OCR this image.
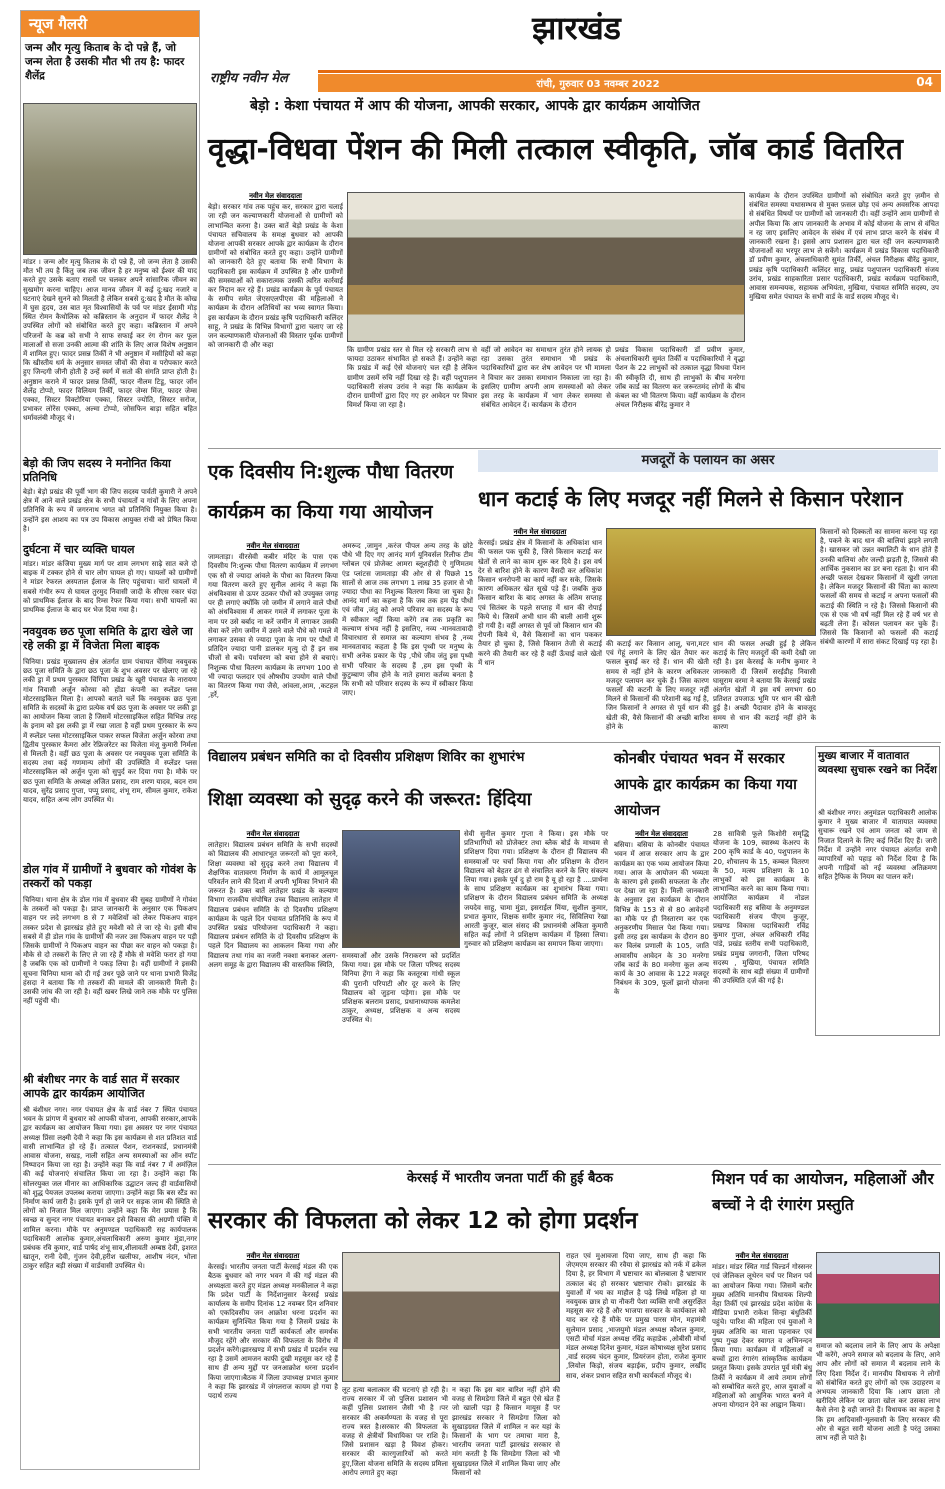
झारखंड
राष्ट्रीय नवीन मेल	रांची, गुरुवार 03 नवम्बर 2022	04
न्यूज गैलरी
जन्म और मृत्यु किताब के दो पन्ने हैं, जो जन्म लेता है उसकी मौत भी तय है: फादर शैलेंद्र
मांडर । जन्म और मृत्यु किताब के दो पन्ने हैं, जो जन्म लेता है उसकी मौत भी तय है किंतु जब तक जीवन है हर मनुष्य को ईश्वर की याद करते हुए उसके बताए रास्ताें पर चलकर अपने सांसारिक जीवन का सुखमोग करना चाहिए। आज मानव जीवन में कई दु:खद नजारे व घटनाएं देखने सुनने को मिलती है लेकिन सबसे दु:खद है मौत के कोख में घुस हृदय, उस बात मृत विश्वासियों के पर्व पर मांडर ईसामी मोड़ स्थित रोमन कैथोलिक को कब्रिस्तान के अनुदान में फादर शैलेंद्र ने उपस्थित लोगों को संबोधित करते हुए कहा। कब्रिस्तान में अपने परिजनों के कब्र को सभी ने साफ सफाई कर रंग रोगन कर फूल मालाओं से सजा उनकी आत्मा की शांति के लिए आज विशेष अनुष्ठान में शामिल हुए। फादर प्रसन्न तिर्की ने भी अनुष्ठान में मसीहियों को कहा कि खीस्तीय धर्म के अनुसार समस्त जीवों की सेवा व परोपकार करते हुए जिन्दगी जीनी होती है उन्हें स्वर्ग में सतो की संगति प्राप्त होती है। अनुष्ठान कराने में फादर प्रसन्न तिर्की, फादर नीलम टिडू, फादर जॉन शैलेंद्र टोप्पो, फादर विलियम तिर्की, फादर जेम्स मिंज, फादर जेम्स एक्का, सिस्टर विक्टोरिया एक्का, सिस्टर ज्योति, सिस्टर सरोज, प्रभाकर लोरेंस एक्का, अल्मा टोप्पो, जोसफिन बाड़ा सहित बहित धर्मावलंबी मौजूद थे।
बेड़ो की जिप सदस्य ने मनोनित किया प्रतिनिधि
बेड़ो। बेड़ो प्रखंड की पूर्वी भाग की जिप सदस्य पार्वती कुमारी ने अपने क्षेत्र में आने वाले प्रखंड क्षेत्र के सभी पंचायतों व गांवों के लिए अपना प्रतिनिधि के रूप में जगरनाथ भगत को प्रतिनिधि नियुक्त किया है। उन्होंने इस आशय का पत्र उप विकास आयुक्त रांची को प्रेषित किया है।
दुर्घटना में चार व्यक्ति घायल
मांडर। मांडर कंजिया मुख्य मार्ग पर शाम लगभग साढ़े सात बजे दो बाइक में टक्कर होने से चार लोग घायल हो गए। घायलों को ग्रामीणों ने मांडर रेफरल अस्पताल ईलाज के लिए पहुंचाया। चारों घायलों में सबसे गंभीर रूप से घायल तुरमुद निवासी जादी के सीएस रकार चंदा को प्राथमिक ईलाज के बाद रिम्स रेफर किया गया। सभी घायलों का प्राथमिक ईलाज के बाद घर भेज दिया गया है।
नवयुवक छठ पूजा समिति के द्वारा खेले जा रहे लकी ड्रा में विजेता मिला बाइक
चिनिया। प्रखंड मुख्यालय क्षेत्र अंतर्गत ग्राम पंचायत चेंगिया नवयुवक छठ पूजा समिति के द्वारा छठ पूजा के शुभ अवसर पर खेलाए जा रहे लकी ड्रा में प्रथम पुरस्कार चिंगिया प्रखंड के खूरी पंचायत के नारायण गांव निवासी अर्जुन कोरवा को होंडा कंपनी का स्प्लेंडर प्लस मोटरसाइकिल मिला है। आपको बताते चलें कि नवयुवक छठ पूजा समिति के सदस्यों के द्वारा प्रत्येक वर्ष छठ पूजा के अवसर पर लकी ड्रा का आयोजन किया जाता है जिसमें मोटरसाइकिल सहित विभिन्न तरह के इनाम को इस लकी ड्रा में रखा जाता है वहीं प्रथम पुरस्कार के रूप में स्प्लेंडर प्लस मोटरसाइकिल पाकर सफल विजेता अर्जुन कोरवा तथा द्वितीय पुरस्कार कैमरा ओर रेफ्रिजरेटर का विजेता मंजू कुमारी निर्मला से मिलती है। वहीं छठ पूजा के अवसर पर नवयुवक पूजा समिति के सदस्य तथा कई गणमान्य लोगों की उपस्थिति में स्प्लेंडर प्लस मोटरसाइकिल को अर्जुन पूजा को सुपुर्द कर दिया गया है। मौके पर छठ पूजा समिति के अध्यक्ष अजित प्रसाद, राम शरण यादव, बदन राम यादव, सुरेंद्र प्रसाद गुप्ता, पप्पू प्रसाद, शंभू राम, सीमल कुमार, राकेश यादव, सहित अन्य लोग उपस्थित थे।
डोल गांव में ग्रामीणों ने बुधवार को गोवंश के तस्करों को पकड़ा
चिनिया। थाना क्षेत्र के डोल गांव में बुधवार की सुबह ग्रामीणों ने गोवंश के तस्करों को पकड़ा है। प्राप्त जानकारी के अनुसार एक पिकअप वाहन पर लदे लगभग 8 से 7 मवेशियों को लेकर पिकअप वाहन तस्कर प्रदेश से झारखंड होते हुए मवेशी को ले जा रहे थे। इसी बीच सबसे में ही डोल गांव के ग्रामीणों की नजर उस पिकअप वाहन पर पड़ी जिसके ग्रामीणों ने पिकअप वाहन का पीछा कर वाहन को पकड़ा है। मौके से दो तस्करों के लिए ले जा रहे हैं मौके से मवेशि फरार हो गया है जबकि एक को ग्रामीणों ने पकड़ लिया है। वहीं ग्रामीणों ने इसकी सूचना चिनिया थाना को दी गई उधर पूछे जाने पर थाना प्रभारी विजेंद्र हंसदा ने बताया कि गो तस्करों की मामले की जानकारी मिली है। उसकी जांच की जा रही है। वहीं खबर लिखे जाने तक मौके पर पुलिस नहीं पहुंची थी।
श्री बंशीधर नगर के वार्ड सात में सरकार आपके द्वार कार्यक्रम आयोजित
श्री बंशीधर नगर। नगर पंचायत क्षेत्र के वार्ड नंबर 7 स्थित पंचायत भवन के प्रांगण में बुधवार को आपकी योजना, आपकी सरकार,आपके द्वार कार्यक्रम का आयोजन किया गया। इस अवसर पर नगर पंचायत अध्यक्ष प्रिंसा लक्ष्मी देवी ने कहा कि इस कार्यक्रम से शत प्रतिशत वार्ड वासी लाभान्वित हो रहे हैं। तत्काल पेंशन, राशनकार्ड, प्रधानमंत्री आवास योजना, सखड़, नाली सहित अन्य समस्याओं का ऑन स्पॉट निष्पादन किया जा रहा है। उन्होंने कहा कि वार्ड नंबर 7 में अमंज़िल की कई योजनाएं संचालित किया जा रहा है। उन्होंने कहा कि सोलरयुक्त जल मीनार का आधिकारिक उद्घाटन जल्द ही वार्डवासियों को शुद्ध पेयजल उपलब्ध कराया जाएगा। उन्होंने कहा कि बस स्टैंड का निर्माण कार्य जारी है। इसके पूर्ण हो जाने पर सड़क जाम की स्थिति से लोगों को निजात मिल जाएगा। उन्होंने कहा कि मेरा प्रयास है कि स्वच्छ व सुन्दर नगर पंचायत बनाकर इसे विकास की अग्रणी पंक्ति में शामिल करना। मौके पर अनुमण्डल पदाधिकारी सह कार्यपालक पदाधिकारी आलोक कुमार,अंचलाधिकारी अरुण कुमार मुंडा,नगर प्रबंधक रवि कुमार, वार्ड पार्षद शंभू साव,शीलावती अम्बष्ठ देवी, इशरत खातून, रानी देवी, गुंजन देवी,हरीश खलीफा, आशीष नंदन, भोला ठाकुर सहित बड़ी संख्या में वार्डवासी उपस्थित थे।
बेड़ो : केशा पंचायत में आप की योजना, आपकी सरकार, आपके द्वार कार्यक्रम आयोजित
वृद्धा-विधवा पेंशन की मिली तत्काल स्वीकृति, जॉब कार्ड वितरित
नवीन मेल संवाददाता
बेड़ो। सरकार गांव तक पहुंच कर, सरकार द्वारा चलाई जा रही जन कल्याणकारी योजनाओं से ग्रामीणों को लाभान्वित करना है। उक्त बातें बेड़ो प्रखंड के केशा पंचायत सचिवालय के समक्ष बुधवार को आपकी योजना आपकी सरकार आपके द्वार कार्यक्रम के दौरान ग्रामीणों को संबोधित करते हुए कहा। उन्होंने ग्रामीणों को जानकारी देते हुए बताया कि सभी विभाग के पदाधिकारी इस कार्यक्रम में उपस्थित है और ग्रामीणों की समस्याओं को सकारात्मक उसकी त्वरित कार्रवाई कर निदान कर रहे हैं। प्रखंड कार्यक्रम के पूर्व पंचायत के समीप समेत जेएसएलपीएस की महिलाओं ने कार्यक्रम के दौरान अतिथियों का भव्य स्वागत किया। इस कार्यक्रम के दौरान प्रखंड कृषि पदाधिकारी कलिंदर साहू, ने प्रखंड के विभिन्न विभागों द्वारा चलाए जा रहे जन कल्याणकारी योजनाओं की विस्तार पूर्वक ग्रामीणों को जानकारी दी और कहा
कि ग्रामीण प्रखंड स्तर से मिल रहे सरकारी लाभ से फायदा उठाकर संभावित हो सकते हैं। उन्होंने कहा कि प्रखंड में कई ऐसे योजनाएं चल रही है लेकिन ग्रामीण उसमें रुचि नहीं दिखा रहे हैं। वहीं पशुपालन पदाधिकारी संजय उरांव ने कहा कि कार्यक्रम के दौरान ग्रामीणों द्वारा दिए गए हर आवेदन पर विचार विमर्श किया जा रहा है।
वहीं जो आवेदन का समाधान तुरंत होने लायक हो रहा उसका तुरंत समाधान भी प्रखंड के पदाधिकारियों द्वारा कर शेष आवेदन पर भी मामला ने विचार कर उसका समाधान निकाला जा रहा है। इसलिए ग्रामीण अपनी आम समस्याओं को लेकर इस तरह के कार्यक्रम में भाग लेकर समस्या से संबंधित आवेदन दें। कार्यक्रम के दौरान
प्रखंड विकास पदाधिकारी डॉ प्रवीण कुमार, अंचलाधिकारी सुमंत तिर्की व पदाधिकारियों ने वृद्धा पेंशन के 22 लाभुकों को तत्काल वृद्धा विधवा पेंशन की स्वीकृति दी, साथ ही लाभुकों के बीच मनरेगा जॉब कार्ड का वितरण कर जरूरतमंद लोगों के बीच कंबल का भी वितरण किया। वहीं कार्यक्रम के दौरान अंचल निरीक्षक बीरेंद्र कुमार ने
कार्यक्रम के दौरान उपस्थित ग्रामीणों को संबोधित करते हुए ज़मीन से संबंधित समस्या यथासम्भव से मुक्त फ़सल छोड़ एवं अन्य अवसरिक आपदा से संबंधित विषयों पर ग्रामीणों को जानकारी दी। वहीं उन्होंने आम ग्रामीणों से अपील किया कि आप जानकारी के अभाव में कोई योजना के लाभ से वंचित न रह जाए इसलिए आवेदन के संबंध में एवं लाभ प्राप्त करने के संबंध में जानकारी रखना है। इससे आप प्रशासन द्वारा चल रही जन कल्याणकारी योजनाओं का भरपूर लाभ ले सकेंगे। कार्यक्रम में प्रखंड विकास पदाधिकारी डॉ प्रवीण कुमार, अंचलाधिकारी सुमंत तिर्की, अंचल निरीक्षक बीरेंद्र कुमार, प्रखंड कृषि पदाधिकारी कलिंदर साहू, प्रखंड पशुपालन पदाधिकारी संजय उरांव, प्रखंड साहकारिता प्रसार पदाधिकारी, प्रखंड कार्यक्रम पदाधिकारी, आवास समन्वयक, सहायक अभियंता, मुखिया, पंचायत समिति सदस्य, उप मुखिया समेत पंचायत के सभी वार्ड के वार्ड सदस्य मौजूद थे।
एक दिवसीय नि:शुल्क पौधा वितरण
कार्यक्रम का किया गया आयोजन
नवीन मेल संवाददाता
जामताड़ा। वीरसेवी कबीर मंदिर के पास एक दिवसीय नि:शुल्क पौधा वितरण कार्यक्रम में लगभग एक सौ से ज्यादा आंवले के पौधा का वितरण किया गया वितरण करते हुए सुनील आनंद ने कहा कि अंधविश्वास से ऊपर उठकर पौधों को उपयुक्त जगह पर ही लगाएं क्योंकि जो जमीन में लगाने वाले पौधों को अंधविश्वास में आकर गमले में लगाकर पूजा के नाम पर उसे बर्बाद ना करें जमीन में लगाकर उसकी सेवा करें लोग जमीन में उसने वाले पौधे को गमले में लगाकर उसका से ज्यादा पूजा के नाम पर पौधों में प्रतिदिन ज्यादा पानी डालकर मृत्यु दो हैं इन सब चीजों से बचें। पर्यावरण को बचा होने से बचाएं। निशुल्क पौधा वितरण कार्यक्रम के लगभग 100 से भी ज्यादा फलदार एवं औषधीय उपयोग वाले पौधों का वितरण किया गया जैसे, आंवला,आम, ,कटहल ,हर्रे,
अमरूद ,जामुन ,करंज पीपल अन्य तरह के छोटे पौधे भी दिए गए आनंद मार्ग यूनिवर्सल रिलीफ टीम ग्लोबल एवं प्रोजेक्ट आमरा ब्लूशहीदी ऐ गुणिमतम एंड प्लांटस जामताड़ा की ओर से से पिछले 15 सालों से आज तक लगभग 1 लाख 35 हजार से भी ज्यादा पौधा का निशुल्क वितरण किया जा चुका है। आनंद मार्ग का कहना है कि जब तक हम पेड़ पौधों एवं जीव ,जंतु को अपने परिवार का सदस्य के रूप में स्वीकार नहीं किया करेंगे तब तक प्रकृति का कल्याण संभव नहीं है इसलिए, नव्य -मानवतावादी विचारधारा से समाज का कल्याण संभव है ,नव्य मानवतावाद कहता है कि इस पृथ्वी पर मनुष्य के सभी अनेक प्रकार के पेड़ ,पौधे जीव जंतु इस पृथ्वी सभी परिवार के सदस्य हैं ,हम इस पृथ्वी के कुटुम्बाण जीव होने के नाते हमारा कर्तव्य बनता है कि सभी को परिवार सदस्य के रूप में स्वीकार किया जाए।
मजदूरों के पलायन का असर
धान कटाई के लिए मजदूर नहीं मिलने से किसान परेशान
नवीन मेल संवाददाता
केरसई। प्रखंड क्षेत्र में किसानों के अधिकांश धान की फसल पक चुकी है, जिसे किसान कटाई कर खेतों से लाने का काम शुरू कर दिये है। इस वर्ष देर से बारिश होने के कारण वैसदी कर अधिकांश किसान धनरोपनी का कार्य नहीं कर सके, जिसके कारण अधिकतर खेत सूखे पड़े हैं। जबकि कुछ किसान बारिश के बाद अगस्त के अंतिम सप्ताह एवं सितंबर के पहले सप्ताह में धान की रोपाई किये थे। जिसमें अभी धान की बाली आनी शुरू हो गयी है। वहीं अगस्त से पूर्व जो किसान धान की रोपनी किये थे, वैसे किसानों का धान पककर तैयार हो चुका है, जिसे किसान तेजी से कटाई करने की तैयारी कर रहे हैं वहीं ऊँचाई वाले खेतों में धान
की कटाई कर किसान आलू, चना,मटर एवं गेहूं लगाने के लिए खेत तैयार कर फसल बुवाई कर रहे हैं। धान की खेती समय से नहीं होने के कारण अधिकतर मजदूर पलायन कर चुके हैं। जिस कारण फसलों की कटनी के लिए मजदूर नहीं मिलने से किसानों की परेशानी बढ़ गई है, जिन किसानों ने अगस्त से पूर्व धान की खेती की, वैसे किसानों की अच्छी बारिश होने के
धान की फसल अच्छी हुई है लेकिन कटाई के लिए मजदूरों की कमी देखी जा रही है। इस केरसई के मनीष कुमार ने जानकारी दी जिसमें सरईडीह निवासी घासूराम वरमा ने बताया कि केरसई प्रखंड अंतर्गत खेतों में इस वर्ष लगभग 60 प्रतिशत उपजाऊ भूमि पर धान की खेती हुई है। अच्छी पैदावार होने के बावजूद समय से धान की कटाई नहीं होने के कारण
किसानों को दिक्कतों का सामना करना पड़ रहा है, पकने के बाद धान की बालियां झड़ने लगती है। खासकर जो उन्नत क्वालिटी के धान होते हैं उनकी बालियां और जल्दी झड़ती है, जिससे की आर्थिक नुकसान का डर बना रहता है। धान की अच्छी फसल देखकर किसानों में खुशी जगता है। लेकिन मजदूर किसानों की चिंता का कारण फसलों की समय से कटाई न अपना फसलों की कटाई की स्थिति न रहे है। जिससे किसानों की एक से एक भी वर्ष नहीं मिल रहे हैं वर्ष भर से बढ़ती लेना हैं। कोसल पलायन कर चुके हैं। जिससे कि किसानों को फसलों की कटाई संबंधी कारणों में सारा संकट दिखाई पड़ रहा है।
विद्यालय प्रबंधन समिति का दो दिवसीय प्रशिक्षण शिविर का शुभारंभ
शिक्षा व्यवस्था को सुदृढ़ करने की जरूरत: हिंदिया
नवीन मेल संवाददाता
लातेहार। विद्यालय प्रबंधन समिति के सभी सदस्यों को विद्यालय की आधारभूत जरूरतों को पूरा करने, शिक्षा व्यवस्था को सुदृढ़ करने तथा विद्यालय में शैक्षणिक वातावरण निर्माण के कार्य में आमूलचूल परिवर्तन लाने की दिशा में अपनी भूमिका निभाने की जरूरत है। उक्त बातें लातेहार प्रखंड के कल्याण विभाग राजकीय संपोषित उच्च विद्यालय लातेहार में विद्यालय प्रबंधन समिति के दो दिवसीय प्रशिक्षण कार्यक्रम के पहले दिन पंचायत प्रतिनिधि के रूप में उपस्थित प्रखंड परियोजना पदाधिकारी ने कहा। विद्यालय प्रबंधन समिति के दो दिवसीय प्रशिक्षण के पहले दिन विद्यालय का आकलन किया गया और विद्यालय तथा गांव का नजरी नक्शा बनाकर अलग-अलग समूह के द्वारा विद्यालय की वास्तविक स्थिति,
समस्याओं और उसके निराकरण को प्रदर्शित किया गया। इस मौके पर जिला परिषद सदस्य विनिया हेंगा ने कहा कि कस्तूरबा गांधी स्कूल की पुरानी परिपाटी और दूर करने के लिए विद्यालय को जुड़ना पड़ेगा। इस मौके पर प्रशिक्षक बलराम प्रसाद, प्रधानाध्यापक कमलेश ठाकुर, अध्यक्ष, प्रशिक्षक व अन्य सदस्य उपस्थित थे।
सेवी सुनील कुमार गुप्ता ने किया। इस मौके पर प्रतिभागियों को प्रोजेक्टर तथा ब्लैक बोर्ड के माध्यम से प्रशिक्षण दिया गया। प्रशिक्षण के दौरान ही विद्यालय की समस्याओं पर चर्चा किया गया और प्रशिक्षण के दौरान विद्यालय को बेहतर ढंग से संचालित करने के लिए संकल्प लिया गया। इसके पूर्व दु हो राम है यू हो रहा है ....प्रार्थना के साथ प्रशिक्षण कार्यक्रम का शुभारंभ किया गया। प्रशिक्षण के दौरान विद्यालय प्रबंधन समिति के अध्यक्ष जयदेव साहू, चामा मुंडा, इसराईल मिंया, सुशील कुमार, प्रभात कुमार, शिक्षक समीर कुमार नंद, सिविलिया रेखा आरती कुजूर, बाल संसद की प्रधानमंत्री अंकिता कुमारी सहित कई लोगों ने प्रशिक्षण कार्यक्रम में हिस्सा लिया। गुरुवार को प्रशिक्षण कार्यक्रम का समापन किया जाएगा।
कोनबीर पंचायत भवन में सरकार आपके द्वार कार्यक्रम का किया गया आयोजन
नवीन मेल संवाददाता
बसिया। बसिया के कोनबीर पंचायत भवन में आज सरकार आप के द्वार कार्यक्रम का एक भव्य आयोजन किया गया। आज के आयोजन की भव्यता के कारण इसे इसकी सफलता के तौर पर देखा जा रहा है। मिली जानकारी के अनुसार इस कार्यक्रम के दौरान विभिन्न के 153 से से 80 आवेदनों का मौके पर ही निस्तारण कर एक अनुकरणीय मिसाल पेश किया गया। इसी तरह इस कार्यक्रम के दौरान 80 कर विलंब प्रणाली के 105, जाति आवासीय आवेदन के 30 मनरेगा जॉब कार्ड के 80 मनरेगा कूल अन्य कार्य के 30 आवास के 122 मजदूर निबंधन के 309, फूलों झानो योजना के
28 सावित्री फूले किशोरी समृद्धि योजना के 109, स्वास्थ्य केअरप के 200 कृषि कार्ड के 40, पशुपालन के 20, शौचालय के 15, कम्बल वितरण के 50, मत्स्य प्रशिक्षण के 10 लाभुकों को इस कार्यक्रम के लाभान्वित करने का काम किया गया। आयोजित कार्यक्रम में नोडल पदाधिकारी सह बसिया के अनुमण्डल पदाधिकारी संजय पीएम कुजूर, प्रखण्ड विकास पदाधिकारी रविंद्र कुमार गुप्ता, अंचल अधिकारी रविंद्र पांडे, प्रखंड स्तरीय सभी पदाधिकारी, प्रखंड प्रमुख जगरानी, जिला परिषद सदस्य , मुखिया, पंचायत समिति सदस्यों के साथ बड़ी संख्या में ग्रामीणों की उपस्थिति दर्ज की गई है।
मुख्य बाजार में वातावात व्यवस्था सुचारू रखने का निर्देश
श्री बंशीधर नगर। अनुमंडल पदाधिकारी आलोक कुमार ने मुख्य बाजार में यातायात व्यवस्था सुचारू रखने एवं आम जनता को जाम से निजात दिलाने के लिए कई निर्देश दिए हैं। जारी निर्देश में उन्होंने नगर पंचायत अंतर्गत सभी व्यापारियों को पहाड़ को निर्देश दिया है कि अपनी गाड़ियों को नई व्यवस्था अतिक्रमण सहित ट्रैफिक के नियम का पालन करें।
केरसई में भारतीय जनता पार्टी की हुई बैठक
सरकार की विफलता को लेकर 12 को होगा प्रदर्शन
नवीन मेल संवाददाता
केरसई। भारतीय जनता पार्टी केरसई मंडल की एक बैठक बुधवार को नगर भवन में की गई मंडल की अध्यक्षता करते हुए मंडल अध्यक्ष मनकीलाल ने कहा कि प्रदेश पार्टी के निर्देशानुसार केरसई प्रखंड कार्यालय के समीप दिनांक 12 नवम्बर दिन शनिवार को एकदिवसीय जन आक्रोश धरना प्रदर्शन का कार्यक्रम सुनिश्चित किया गया है जिसमें प्रखंड के सभी भारतीय जनता पार्टी कार्यकर्ता और समर्थक मौजूद रहेंगे और सरकार की विफलता के विरोध में प्रदर्शन करेंगे।झारखण्ड में सभी प्रखंड में प्रदर्शन रख रहा है उसमें आमजन काफी दुखी महसूस कर रहे हैं साथ ही अन्य मुद्दों पर जनआक्रोश धरना प्रदर्शन किया जाएगा।बैठक में जिला उपाध्यक्ष प्रभात कुमार ने कहा कि झारखंड में जंगलराज कायम हो गया है पदार्थ राज्य
लूट हत्या बलात्कार की घटनाएं हो रही है।राज्य सरकार में जो पुलिस प्रशासन भी कहीं पुलिस प्रशासन जैसी भी है ।पर सरकार की अकर्मण्यता के वजह से पूरा राज्य त्रस्त है।सरकार की विफलता के वजह से क्षेत्रीयों विधायिका पर राशि है। जिसे प्रशासन खड़ा है विवश होकर। सरकार की कारगुजारियों को करते हुए,जिला योजना समिति के सदस्य प्रमिला आरोप लगाते हुए कहा
न कहा कि इस बार बारिश नहीं होने की वजह से सिमडेगा जिले में बहुत ऐसे खेत हैं जो खाली पड़ा है किसान मायूस हैं पर झारखंड सरकार ने सिमडेगा जिला को सुखाड़ग्रस्त जिले में शामिल न कर यहां के किसानों के भाग पर तमाचा मारा है, भारतीय जनता पार्टी झारखंड सरकार से मांग करती है कि सिमडेगा जिला को भी सुखाड़ग्रस्त जिले में शामिल किया जाए और किसानों को
राहत एवं मुआवजा दिया जाए, साथ ही कहा कि जेएमएम सरकार की रवैया से झारखंड को नर्क में ढकेल दिया है, हर विभाग में भ्रष्टाचार का बोलबाला है भ्रष्टाचार तत्काल बंद हो सरकार भ्रष्टाचार रोको। झारखंड के युवाओं में भय का माहौल है पढ़े लिखे महिला हो या नवयुवक छात्र हो या नौकरी पेशा व्यक्ति सभी असुरक्षित महसूस कर रहे हैं और भाजपा सरकार के कार्यकाल को याद कर रहे हैं मौके पर प्रमुख पारस मोन, महामंत्री सुलेमान प्रसाद ,भाजयुमो मंडल अध्यक्ष कौशल कुमार, एसटी मोर्चा मंडल अध्यक्ष रविंद्र कहाडेक ,ओबीसी मोर्चा मंडल अध्यक्ष दिनेश कुमार, मंडल कोषाध्यक्ष सुरेश प्रसाद ,वार्ड सदस्य चंदन कुमार, प्रियरंजन होता, राजेश कुमार ,लियोल किड़ो, संजय बड़ाईक, प्रदीप कुमार, लखींद साव, शंकर प्रधान सहित सभी कार्यकर्ता मौजूद थे।
मिशन पर्व का आयोजन, महिलाओं और बच्चों ने दी रंगारंग प्रस्तुति
नवीन मेल संवाददाता
मांडर। मांडर स्थित गार्ड चिल्डर्न गोस्सनर एवं जेलिकल लूथेरन चर्च पर मिशन पर्व का आयोजन किया गया। जिसमें बतौर मुख्य अतिथि मानवीय विधायक शिल्पी नेहा तिर्की एवं झारखंड प्रदेश कांग्रेस के मीडिया प्रभारी राकेश सिन्हा बंधुतिर्की पहुंचे। पारिश की महिला एवं युवाओं ने मुख्य अतिथि का माला पहनाकर एवं पुष्प गुच्छ देकर स्वागत व अभिनन्दन किया गया। कार्यक्रम में महिलाओं व बच्चों द्वारा रंगारंग सांस्कृतिक कार्यक्रम प्रस्तुत किया। इसके उपरांत पूर्व मंत्री बंधु तिर्की ने कार्यक्रम में आये तमाम लोगों को सम्बोधित करते हुए, आज युवाओं व महिलाओं को आधुनिक भारत बनने में अपना योगदान देने का आह्वान किया।
समाज को बदलाव लाने के लिए आप के अपेक्षा भी करेंगे, अपने समाज को बदलाव के लिए, आने आप और लोगों को समाज में बदलाव लाने के लिए दिशा निर्देश दें। मानवीय विधायक ने लोगों को संबोधित करते हुए लोगों को एक उदाहरण व अभयत्व जानकारी दिया कि ।आप छाता तो खरीदिये लेकिन पर छाता खोल कर उसका लाभ कैसे लेना है वही जानते हैं। विधायक का कहना है कि हम आदिवासी-मूलवासी के लिए सरकार की ओर से बहुत सारी योजना आती है परंतु उसका लाभ नहीं ले पाते है।
